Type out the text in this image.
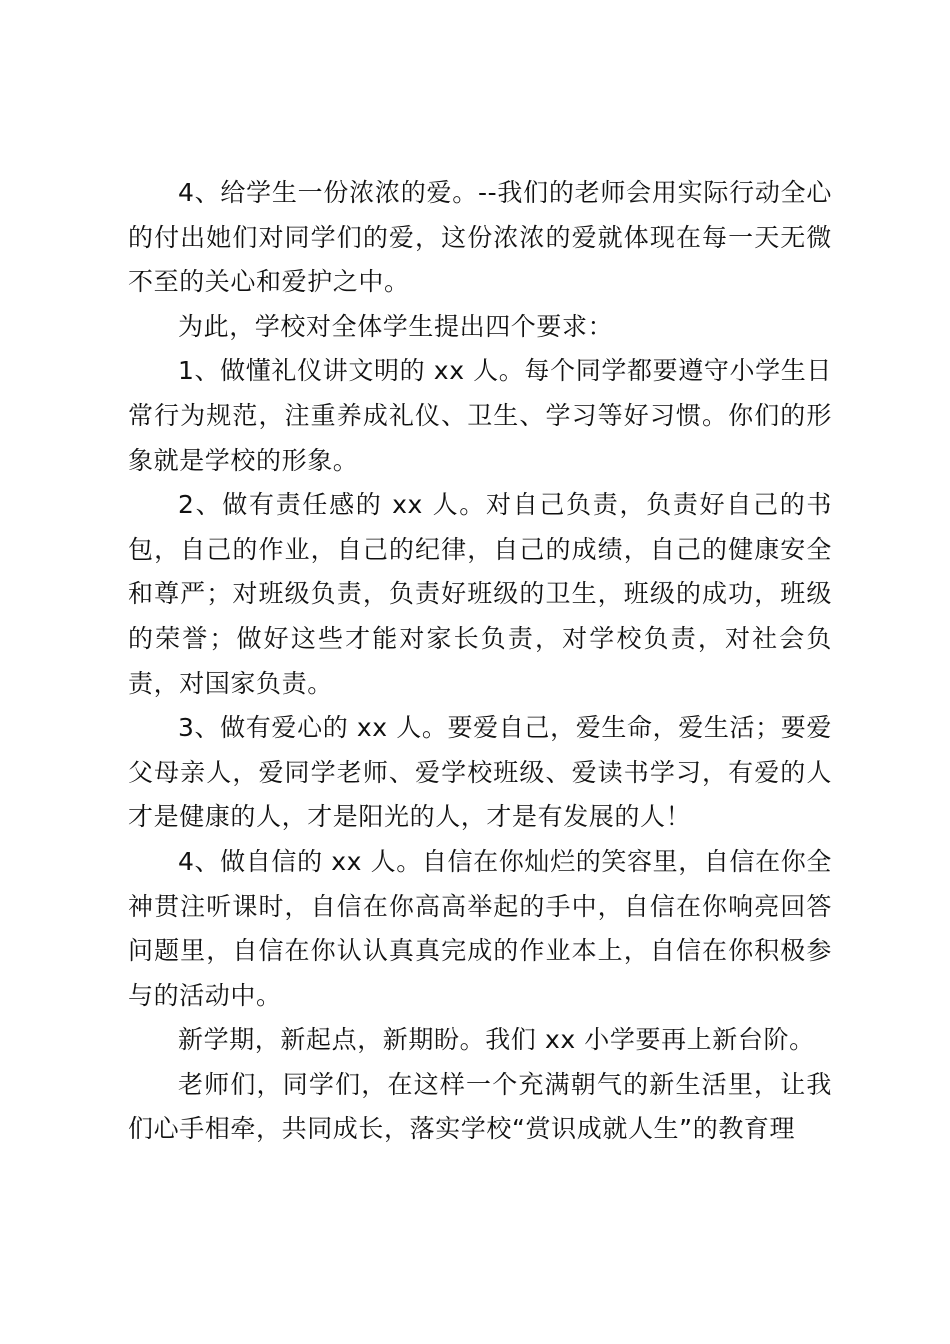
4、给学生一份浓浓的爱。--我们的老师会用实际行动全心的付出她们对同学们的爱，这份浓浓的爱就体现在每一天无微不至的关心和爱护之中。

为此，学校对全体学生提出四个要求：

1、做懂礼仪讲文明的 xx 人。每个同学都要遵守小学生日常行为规范，注重养成礼仪、卫生、学习等好习惯。你们的形象就是学校的形象。

2、做有责任感的 xx 人。对自己负责，负责好自己的书包，自己的作业，自己的纪律，自己的成绩，自己的健康安全和尊严；对班级负责，负责好班级的卫生，班级的成功，班级的荣誉；做好这些才能对家长负责，对学校负责，对社会负责，对国家负责。

3、做有爱心的 xx 人。要爱自己，爱生命，爱生活；要爱父母亲人，爱同学老师、爱学校班级、爱读书学习，有爱的人才是健康的人，才是阳光的人，才是有发展的人！

4、做自信的 xx 人。自信在你灿烂的笑容里，自信在你全神贯注听课时，自信在你高高举起的手中，自信在你响亮回答问题里，自信在你认认真真完成的作业本上，自信在你积极参与的活动中。

新学期，新起点，新期盼。我们 xx 小学要再上新台阶。

老师们，同学们，在这样一个充满朝气的新生活里，让我们心手相牵，共同成长，落实学校“赏识成就人生”的教育理
